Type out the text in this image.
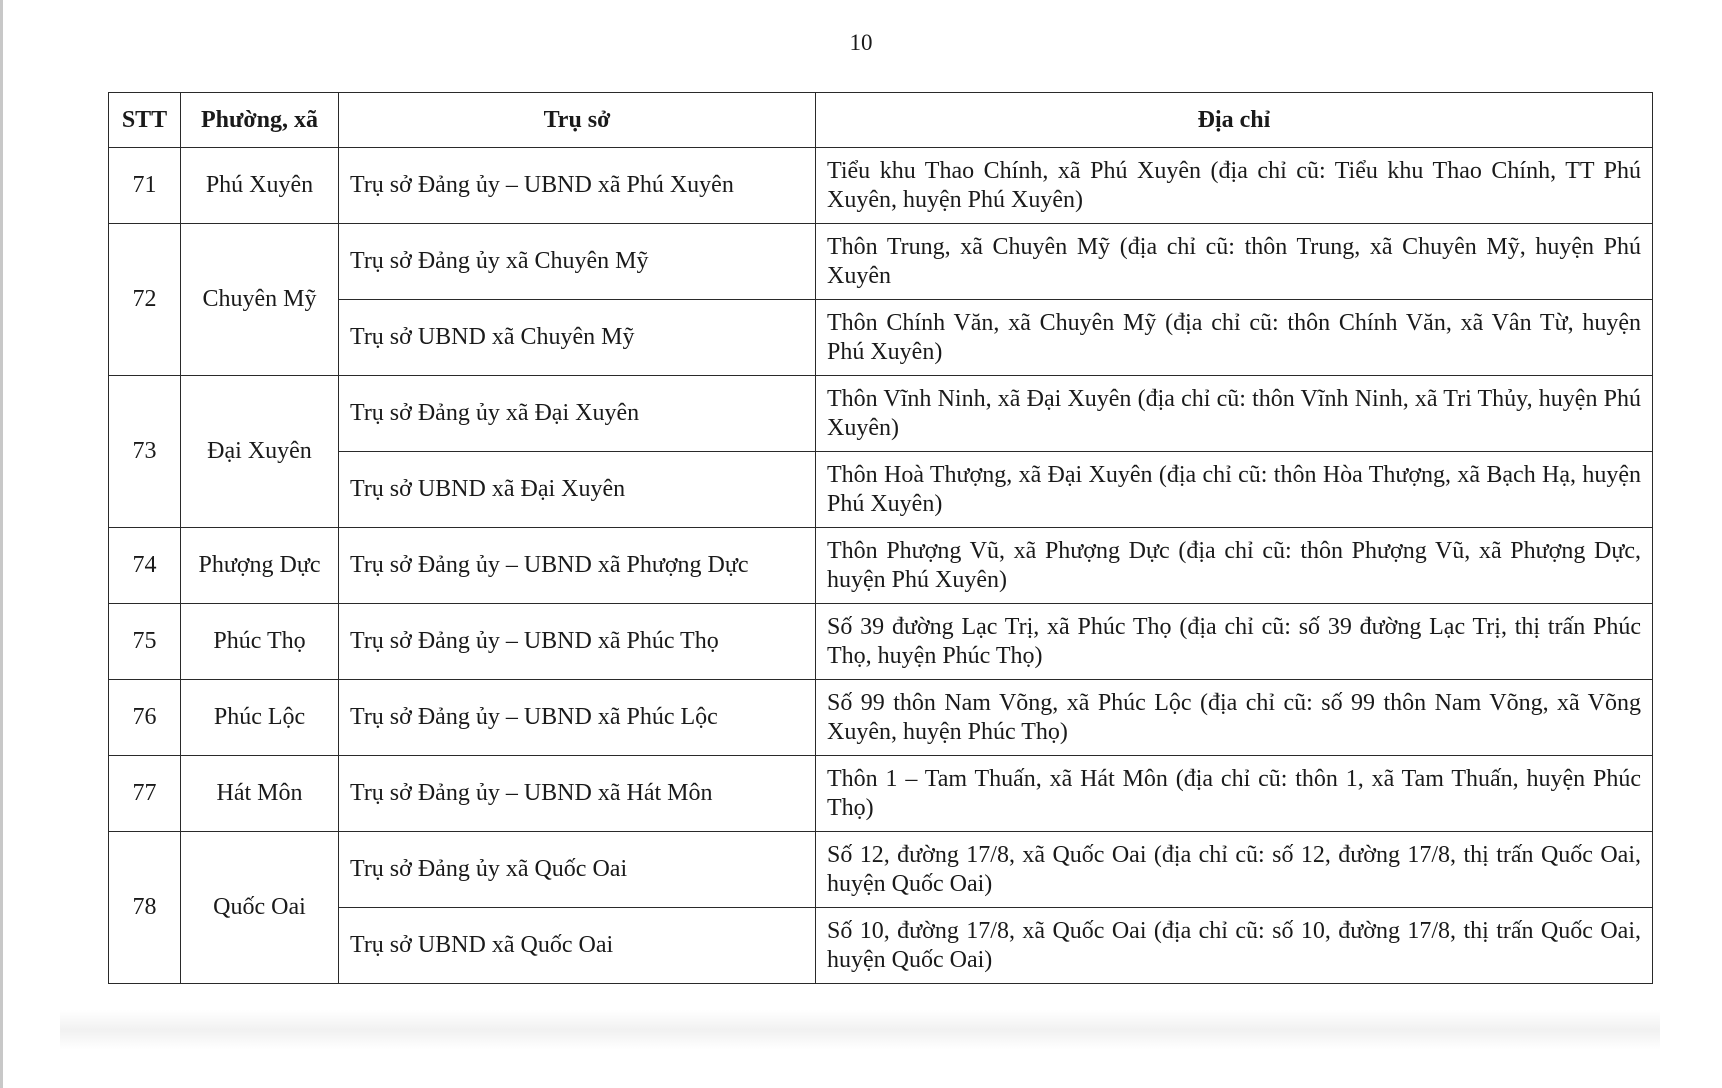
10
STT	Phường, xã	Trụ sở	Địa chỉ
71	Phú Xuyên	Trụ sở Đảng ủy – UBND xã Phú Xuyên	Tiểu khu Thao Chính, xã Phú Xuyên (địa chỉ cũ: Tiểu khu Thao Chính, TT Phú Xuyên, huyện Phú Xuyên)
72	Chuyên Mỹ	Trụ sở Đảng ủy xã Chuyên Mỹ	Thôn Trung, xã Chuyên Mỹ (địa chỉ cũ: thôn Trung, xã Chuyên Mỹ, huyện Phú Xuyên
		Trụ sở UBND xã Chuyên Mỹ	Thôn Chính Văn, xã Chuyên Mỹ (địa chỉ cũ: thôn Chính Văn, xã Vân Từ, huyện Phú Xuyên)
73	Đại Xuyên	Trụ sở Đảng ủy xã Đại Xuyên	Thôn Vĩnh Ninh, xã Đại Xuyên (địa chỉ cũ: thôn Vĩnh Ninh, xã Tri Thủy, huyện Phú Xuyên)
		Trụ sở UBND xã Đại Xuyên	Thôn Hoà Thượng, xã Đại Xuyên (địa chỉ cũ: thôn Hòa Thượng, xã Bạch Hạ, huyện Phú Xuyên)
74	Phượng Dực	Trụ sở Đảng ủy – UBND xã Phượng Dực	Thôn Phượng Vũ, xã Phượng Dực (địa chỉ cũ: thôn Phượng Vũ, xã Phượng Dực, huyện Phú Xuyên)
75	Phúc Thọ	Trụ sở Đảng ủy – UBND xã Phúc Thọ	Số 39 đường Lạc Trị, xã Phúc Thọ (địa chỉ cũ: số 39 đường Lạc Trị, thị trấn Phúc Thọ, huyện Phúc Thọ)
76	Phúc Lộc	Trụ sở Đảng ủy – UBND xã Phúc Lộc	Số 99 thôn Nam Võng, xã Phúc Lộc (địa chỉ cũ: số 99 thôn Nam Võng, xã Võng Xuyên, huyện Phúc Thọ)
77	Hát Môn	Trụ sở Đảng ủy – UBND xã Hát Môn	Thôn 1 – Tam Thuấn, xã Hát Môn (địa chỉ cũ: thôn 1, xã Tam Thuấn, huyện Phúc Thọ)
78	Quốc Oai	Trụ sở Đảng ủy xã Quốc Oai	Số 12, đường 17/8, xã Quốc Oai (địa chỉ cũ: số 12, đường 17/8, thị trấn Quốc Oai, huyện Quốc Oai)
		Trụ sở UBND xã Quốc Oai	Số 10, đường 17/8, xã Quốc Oai (địa chỉ cũ: số 10, đường 17/8, thị trấn Quốc Oai, huyện Quốc Oai)
